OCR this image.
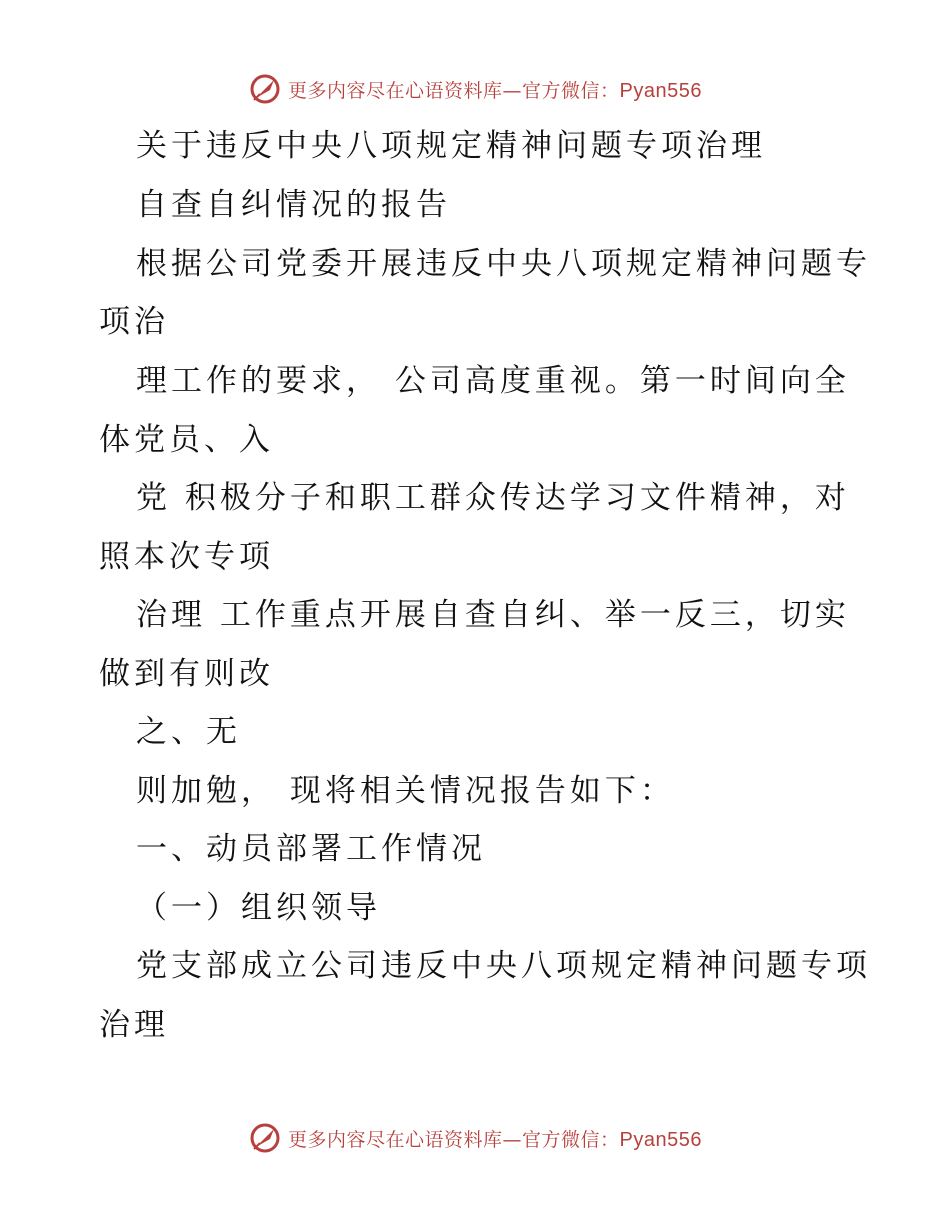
更多内容尽在心语资料库—官方微信：Pyan556
关于违反中央八项规定精神问题专项治理
自查自纠情况的报告
根据公司党委开展违反中央八项规定精神问题专
项治
理工作的要求， 公司高度重视。第一时间向全
体党员、入
党 积极分子和职工群众传达学习文件精神，对
照本次专项
治理 工作重点开展自查自纠、举一反三，切实
做到有则改
之、无
则加勉， 现将相关情况报告如下：
一、动员部署工作情况
（一）组织领导
党支部成立公司违反中央八项规定精神问题专项
治理
更多内容尽在心语资料库—官方微信：Pyan556
